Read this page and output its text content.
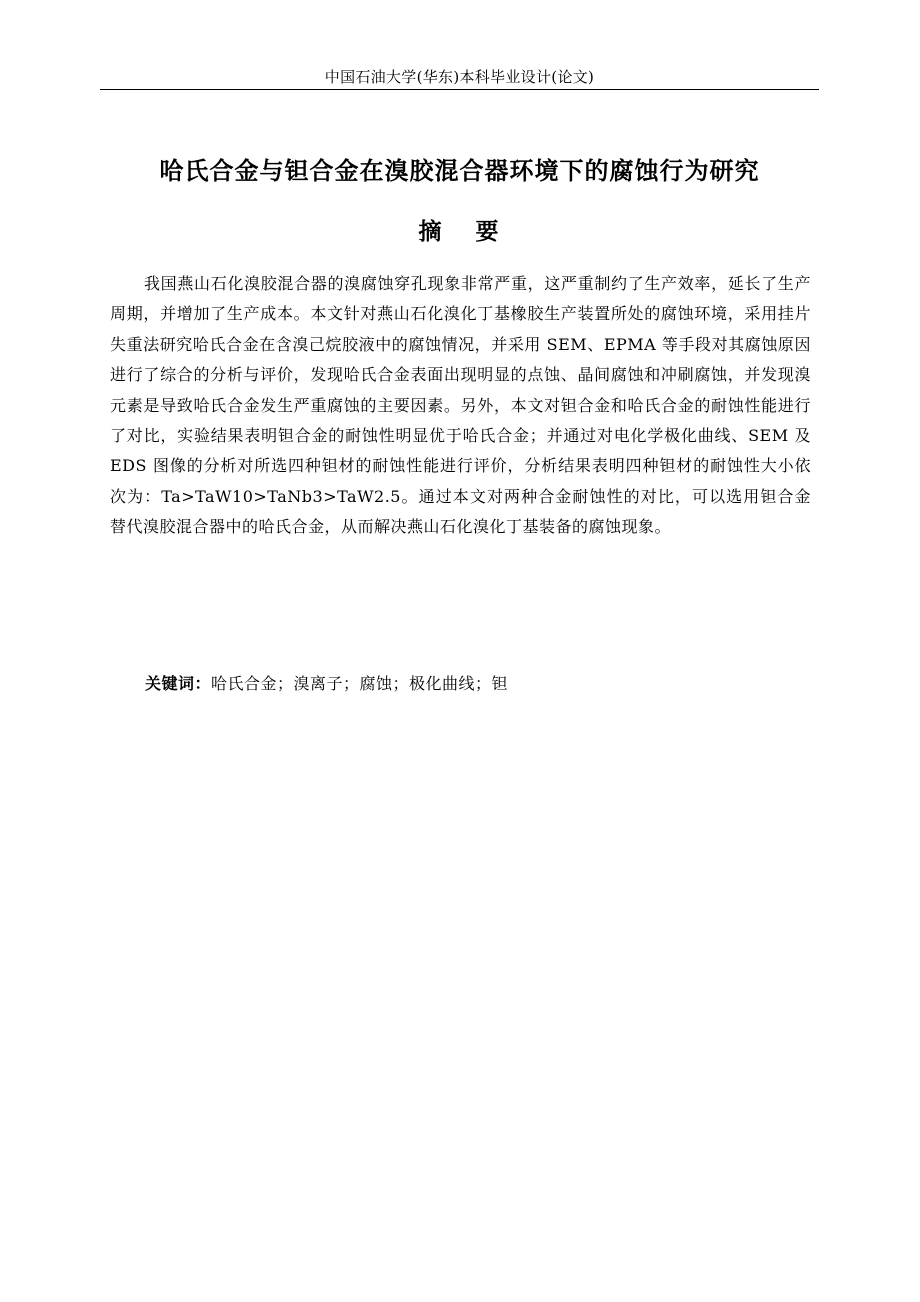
中国石油大学(华东)本科毕业设计(论文)
哈氏合金与钽合金在溴胶混合器环境下的腐蚀行为研究
摘 要

我国燕山石化溴胶混合器的溴腐蚀穿孔现象非常严重，这严重制约了生产效率，延长了生产周期，并增加了生产成本。本文针对燕山石化溴化丁基橡胶生产装置所处的腐蚀环境，采用挂片失重法研究哈氏合金在含溴己烷胶液中的腐蚀情况，并采用 SEM、EPMA 等手段对其腐蚀原因进行了综合的分析与评价，发现哈氏合金表面出现明显的点蚀、晶间腐蚀和冲刷腐蚀，并发现溴元素是导致哈氏合金发生严重腐蚀的主要因素。另外，本文对钽合金和哈氏合金的耐蚀性能进行了对比，实验结果表明钽合金的耐蚀性明显优于哈氏合金；并通过对电化学极化曲线、SEM 及 EDS 图像的分析对所选四种钽材的耐蚀性能进行评价，分析结果表明四种钽材的耐蚀性大小依次为：Ta>TaW10>TaNb3>TaW2.5。通过本文对两种合金耐蚀性的对比，可以选用钽合金替代溴胶混合器中的哈氏合金，从而解决燕山石化溴化丁基装备的腐蚀现象。

关键词：哈氏合金；溴离子；腐蚀；极化曲线；钽
